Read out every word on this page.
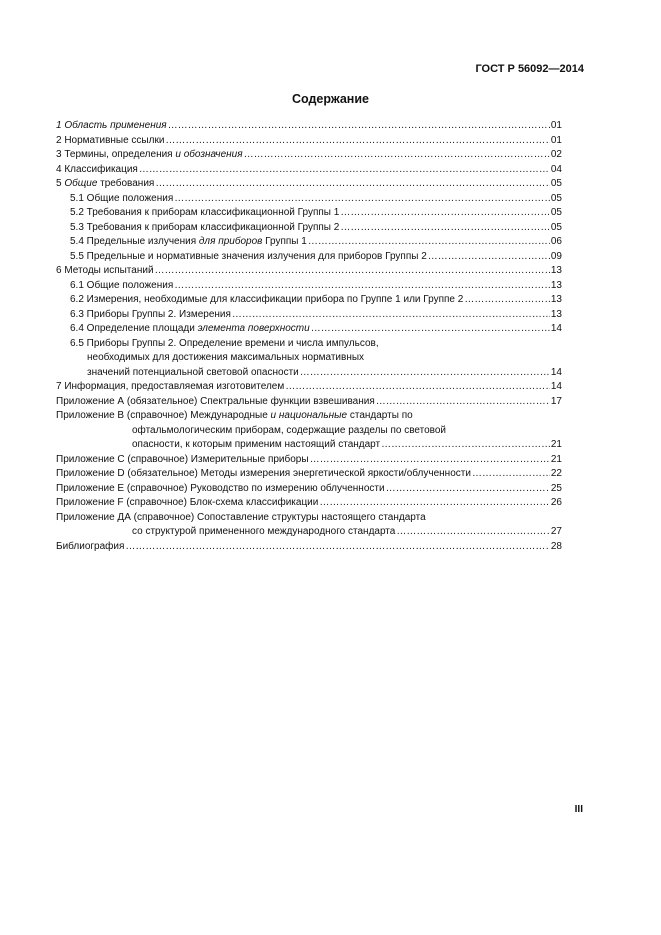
ГОСТ Р 56092—2014
Содержание
1 Область применения ……………………………………………………………………………………………………………………………………………………………………………………………………	01
2 Нормативные ссылки ……………………………………………………………………………………………………………………………………………………………………………………………………	01
3 Термины, определения и обозначения ……………………………………………………………………………………………………………………………………………………………………………………………………	02
4 Классификация ……………………………………………………………………………………………………………………………………………………………………………………………………	04
5 Общие требования ……………………………………………………………………………………………………………………………………………………………………………………………………	05
5.1 Общие положения ……………………………………………………………………………………………………………………………………………………………………………………………………	05
5.2 Требования к приборам классификационной Группы 1 ……………………………………………………………………………………………………………………………………………………………………………………………………	05
5.3 Требования к приборам классификационной Группы 2 ……………………………………………………………………………………………………………………………………………………………………………………………………	05
5.4 Предельные излучения для приборов Группы 1 ……………………………………………………………………………………………………………………………………………………………………………………………………	06
5.5 Предельные и нормативные значения излучения для приборов Группы 2 ……………………………………………………………………………………………………………………………………………………………………………………………………	09
6 Методы испытаний ……………………………………………………………………………………………………………………………………………………………………………………………………	13
6.1 Общие положения ……………………………………………………………………………………………………………………………………………………………………………………………………	13
6.2 Измерения, необходимые для классификации прибора по Группе 1 или Группе 2 ……………………………………………………………………………………………………………………………………………………………………………………………………	13
6.3 Приборы Группы 2. Измерения ……………………………………………………………………………………………………………………………………………………………………………………………………	13
6.4 Определение площади элемента поверхности ……………………………………………………………………………………………………………………………………………………………………………………………………	14
6.5 Приборы Группы 2. Определение времени и числа импульсов,
необходимых для достижения максимальных нормативных
значений потенциальной световой опасности ……………………………………………………………………………………………………………………………………………………………………………………………………	14
7 Информация, предоставляемая изготовителем ……………………………………………………………………………………………………………………………………………………………………………………………………	14
Приложение А (обязательное) Спектральные функции взвешивания ……………………………………………………………………………………………………………………………………………………………………………………………………	17
Приложение В (справочное) Международные и национальные стандарты по
офтальмологическим приборам, содержащие разделы по световой
опасности, к которым применим настоящий стандарт ……………………………………………………………………………………………………………………………………………………………………………………………………	21
Приложение С (справочное) Измерительные приборы ……………………………………………………………………………………………………………………………………………………………………………………………………	21
Приложение D (обязательное) Методы измерения энергетической яркости/облученности ……………………………………………………………………………………………………………………………………………………………………………………………………	22
Приложение Е (справочное) Руководство по измерению облученности ……………………………………………………………………………………………………………………………………………………………………………………………………	25
Приложение F (справочное) Блок-схема классификации ……………………………………………………………………………………………………………………………………………………………………………………………………	26
Приложение ДА (справочное) Сопоставление структуры настоящего стандарта
со структурой примененного международного стандарта ……………………………………………………………………………………………………………………………………………………………………………………………………	27
Библиография ……………………………………………………………………………………………………………………………………………………………………………………………………	28
III
